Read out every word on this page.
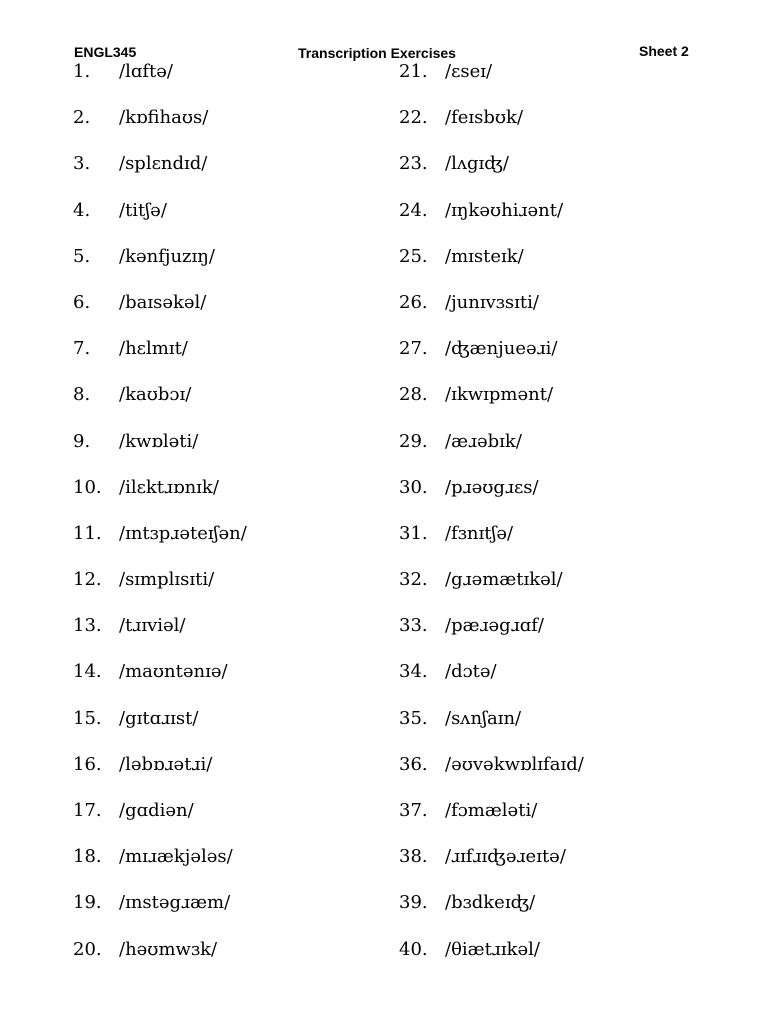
ENGL345	Transcription Exercises	Sheet 2
1. /lɑftə/
2. /kɒfihaʊs/
3. /splɛndɪd/
4. /titʃə/
5. /kənfjuzɪŋ/
6. /baɪsəkəl/
7. /hɛlmɪt/
8. /kaʊbɔɪ/
9. /kwɒləti/
10. /ilɛktɹɒnɪk/
11. /ɪntɜpɹəteɪʃən/
12. /sɪmplɪsɪti/
13. /tɹɪviəl/
14. /maʊntənɪə/
15. /gɪtɑɹɪst/
16. /ləbɒɹətɹi/
17. /gɑdiən/
18. /mɪɹækjələs/
19. /ɪnstəgɹæm/
20. /həʊmwɜk/
21. /ɛseɪ/
22. /feɪsbʊk/
23. /lʌgɪʤ/
24. /ɪŋkəʊhiɹənt/
25. /mɪsteɪk/
26. /junɪvɜsɪti/
27. /ʤænjueəɹi/
28. /ɪkwɪpmənt/
29. /æɹəbɪk/
30. /pɹəʊgɹɛs/
31. /fɜnɪtʃə/
32. /gɹəmætɪkəl/
33. /pæɹəgɹɑf/
34. /dɔtə/
35. /sʌnʃaɪn/
36. /əʊvəkwɒlɪfaɪd/
37. /fɔmæləti/
38. /ɹɪfɹɪʤəɹeɪtə/
39. /bɜdkeɪʤ/
40. /θiætɹɪkəl/
